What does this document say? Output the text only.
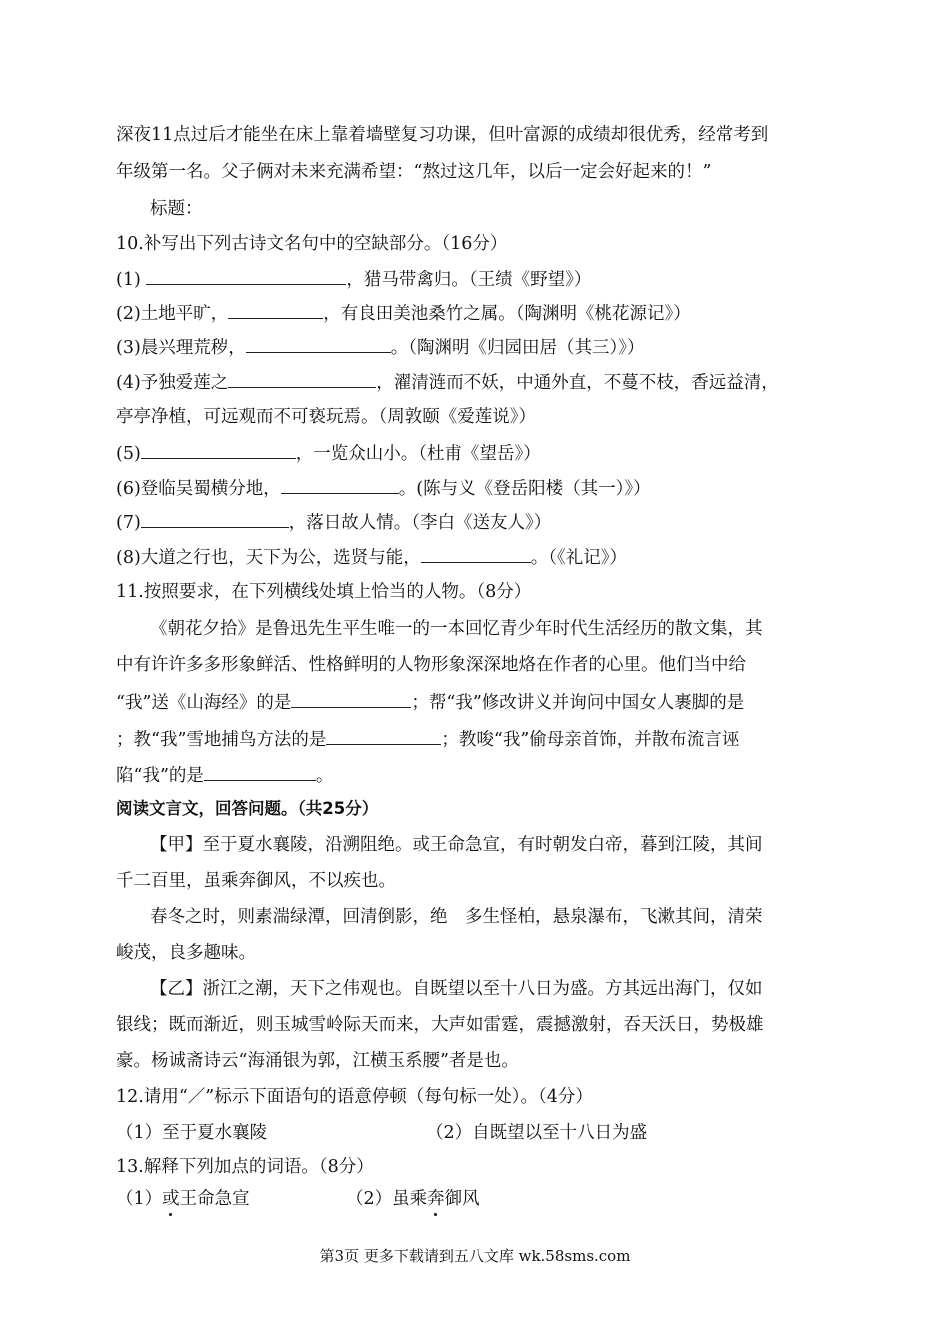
深夜11点过后才能坐在床上靠着墙壁复习功课，但叶富源的成绩却很优秀，经常考到
年级第一名。父子俩对未来充满希望：“熬过这几年，以后一定会好起来的！”
标题：
10.补写出下列古诗文名句中的空缺部分。（16分）
(1)	，猎马带禽归。（王绩《野望》）
(2)土地平旷，	，有良田美池桑竹之属。（陶渊明《桃花源记》）
(3)晨兴理荒秽，	。（陶渊明《归园田居（其三）》）
(4)予独爱莲之	，濯清涟而不妖，中通外直，不蔓不枝，香远益清，
亭亭净植，可远观而不可亵玩焉。（周敦颐《爱莲说》）
(5)	，一览众山小。（杜甫《望岳》）
(6)登临吴蜀横分地，	。(陈与义《登岳阳楼（其一）》）
(7)	，落日故人情。（李白《送友人》）
(8)大道之行也，天下为公，选贤与能，	。（《礼记》）
11.按照要求，在下列横线处填上恰当的人物。（8分）
《朝花夕拾》是鲁迅先生平生唯一的一本回忆青少年时代生活经历的散文集，其
中有许许多多形象鲜活、性格鲜明的人物形象深深地烙在作者的心里。他们当中给
“我”送《山海经》的是	；帮“我”修改讲义并询问中国女人裹脚的是
；教“我”雪地捕鸟方法的是	；教唆“我”偷母亲首饰，并散布流言诬
陷“我”的是	。
阅读文言文，回答问题。（共25分）
【甲】至于夏水襄陵，沿溯阻绝。或王命急宣，有时朝发白帝，暮到江陵，其间
千二百里，虽乘奔御风，不以疾也。
春冬之时，则素湍绿潭，回清倒影，绝　多生怪柏，悬泉瀑布，飞漱其间，清荣
峻茂，良多趣味。
【乙】浙江之潮，天下之伟观也。自既望以至十八日为盛。方其远出海门，仅如
银线；既而渐近，则玉城雪岭际天而来，大声如雷霆，震撼激射，吞天沃日，势极雄
豪。杨诚斋诗云“海涌银为郭，江横玉系腰”者是也。
12.请用“／”标示下面语句的语意停顿（每句标一处）。（4分）
（1）至于夏水襄陵	（2）自既望以至十八日为盛
13.解释下列加点的词语。（8分）
（1）或王命急宣	（2）虽乘奔御风
第3页 更多下载请到五八文库 wk.58sms.com
